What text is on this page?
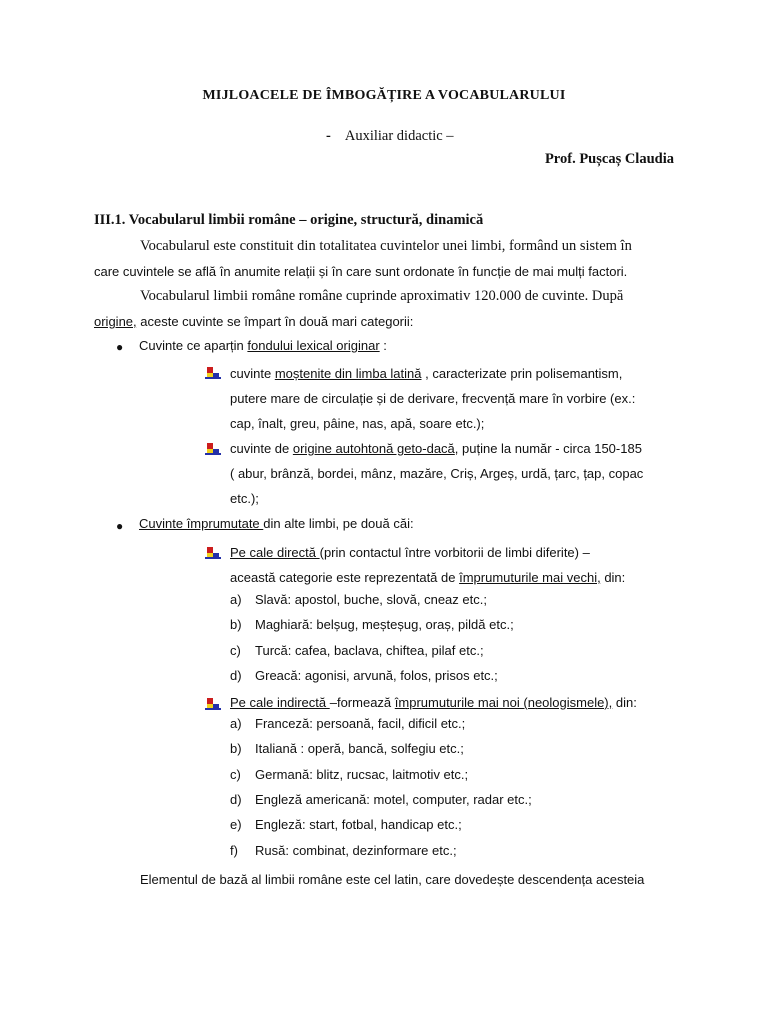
MIJLOACELE DE ÎMBOGĂȚIRE A VOCABULARULUI
- Auxiliar didactic –
Prof. Pușcaș Claudia
III.1. Vocabularul limbii române – origine, structură, dinamică
Vocabularul este constituit din totalitatea cuvintelor unei limbi, formând un sistem în
care cuvintele se află în anumite relații și în care sunt ordonate în funcție de mai mulți factori.
Vocabularul limbii române române cuprinde aproximativ 120.000 de cuvinte. După
origine, aceste cuvinte se împart în două mari categorii:
● Cuvinte ce aparțin fondului lexical originar :
cuvinte moștenite din limba latină , caracterizate prin polisemantism,
putere mare de circulație și de derivare, frecvență mare în vorbire (ex.:
cap, înalt, greu, pâine, nas, apă, soare etc.);
cuvinte de origine autohtonă geto-dacă, puține la număr - circa 150-185
( abur, brânză, bordei, mânz, mazăre, Criș, Argeș, urdă, țarc, țap, copac
etc.);
● Cuvinte împrumutate din alte limbi, pe două căi:
Pe cale directă (prin contactul între vorbitorii de limbi diferite) –
această categorie este reprezentată de împrumuturile mai vechi, din:
a) Slavă: apostol, buche, slovă, cneaz etc.;
b) Maghiară: belșug, meșteșug, oraș, pildă etc.;
c) Turcă: cafea, baclava, chiftea, pilaf etc.;
d) Greacă: agonisi, arvună, folos, prisos etc.;
Pe cale indirectă –formează împrumuturile mai noi (neologismele), din:
a) Franceză: persoană, facil, dificil etc.;
b) Italiană : operă, bancă, solfegiu etc.;
c) Germană: blitz, rucsac, laitmotiv etc.;
d) Engleză americană: motel, computer, radar etc.;
e) Engleză: start, fotbal, handicap etc.;
f) Rusă: combinat, dezinformare etc.;
Elementul de bază al limbii române este cel latin, care dovedește descendența acesteia
